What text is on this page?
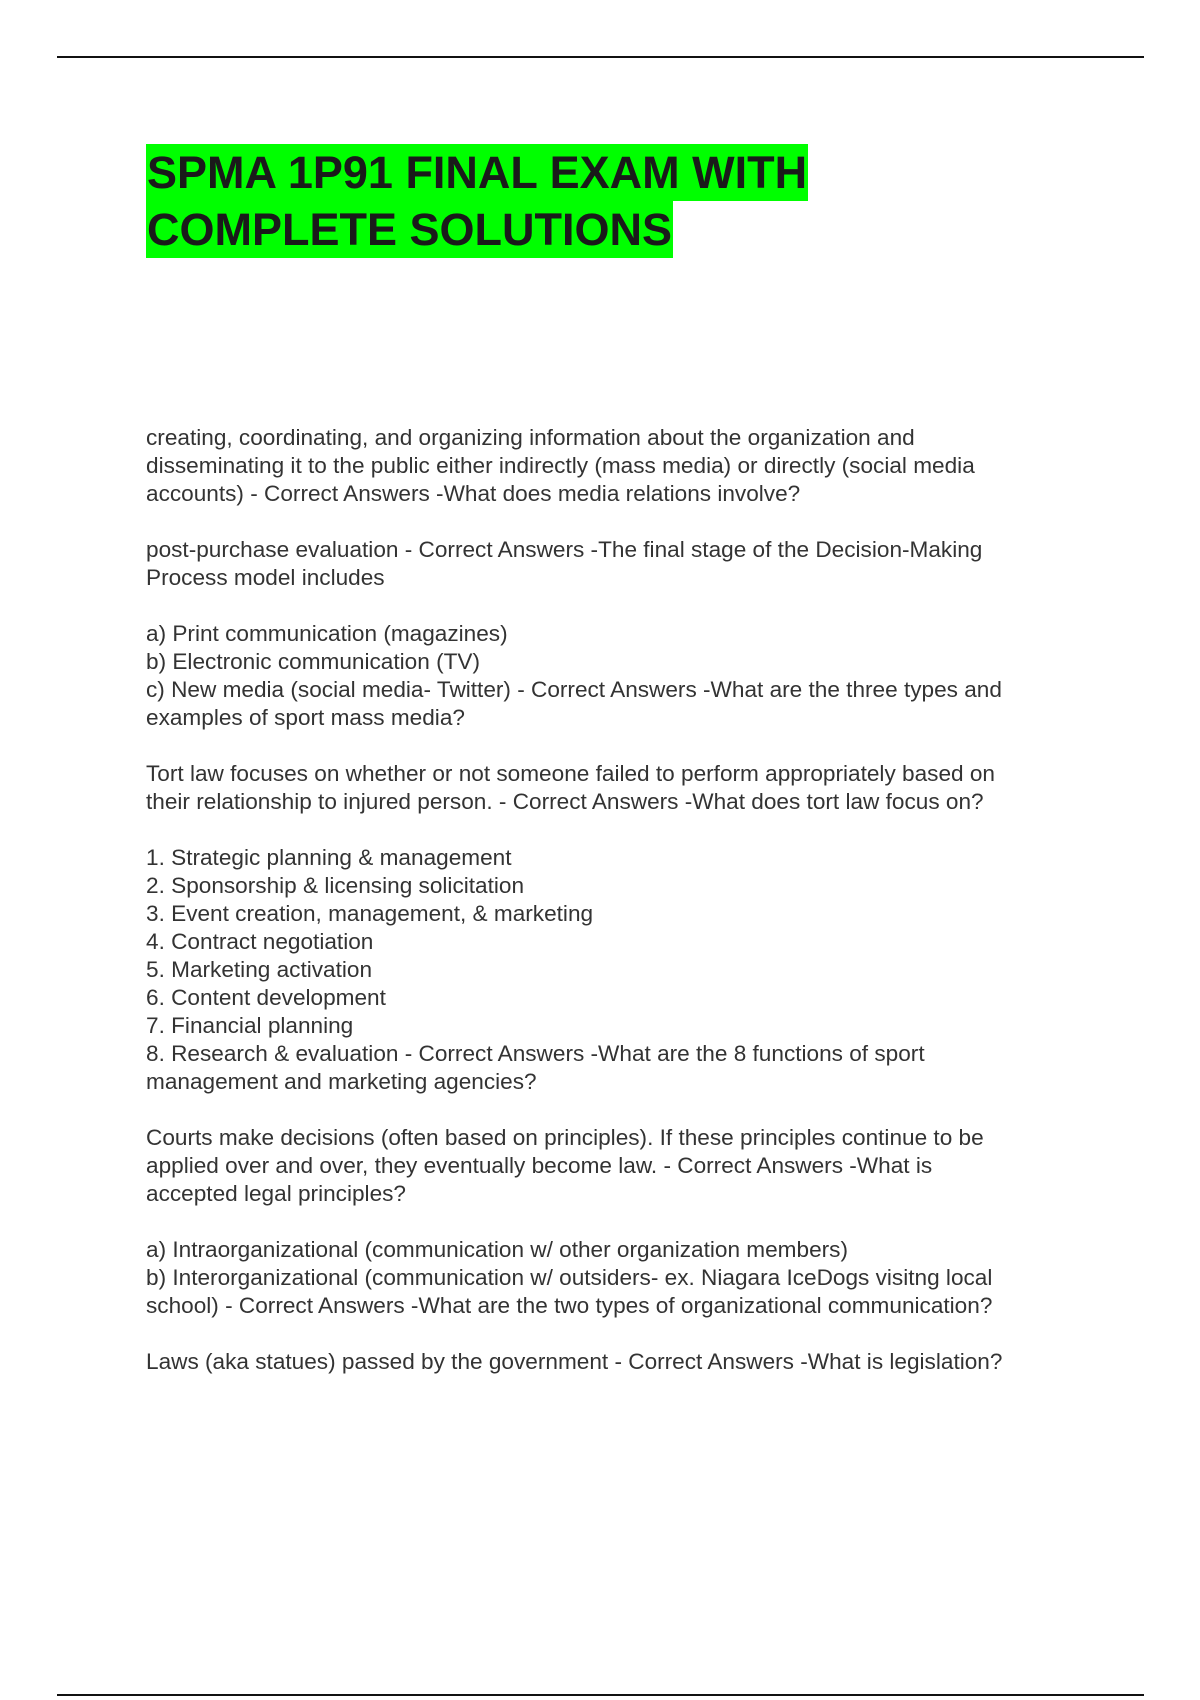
SPMA 1P91 FINAL EXAM WITH
COMPLETE SOLUTIONS
creating, coordinating, and organizing information about the organization and
disseminating it to the public either indirectly (mass media) or directly (social media
accounts) - Correct Answers -What does media relations involve?
post-purchase evaluation - Correct Answers -The final stage of the Decision-Making
Process model includes
a) Print communication (magazines)
b) Electronic communication (TV)
c) New media (social media- Twitter) - Correct Answers -What are the three types and
examples of sport mass media?
Tort law focuses on whether or not someone failed to perform appropriately based on
their relationship to injured person. - Correct Answers -What does tort law focus on?
1. Strategic planning & management
2. Sponsorship & licensing solicitation
3. Event creation, management, & marketing
4. Contract negotiation
5. Marketing activation
6. Content development
7. Financial planning
8. Research & evaluation - Correct Answers -What are the 8 functions of sport
management and marketing agencies?
Courts make decisions (often based on principles). If these principles continue to be
applied over and over, they eventually become law. - Correct Answers -What is
accepted legal principles?
a) Intraorganizational (communication w/ other organization members)
b) Interorganizational (communication w/ outsiders- ex. Niagara IceDogs visitng local
school) - Correct Answers -What are the two types of organizational communication?
Laws (aka statues) passed by the government - Correct Answers -What is legislation?
